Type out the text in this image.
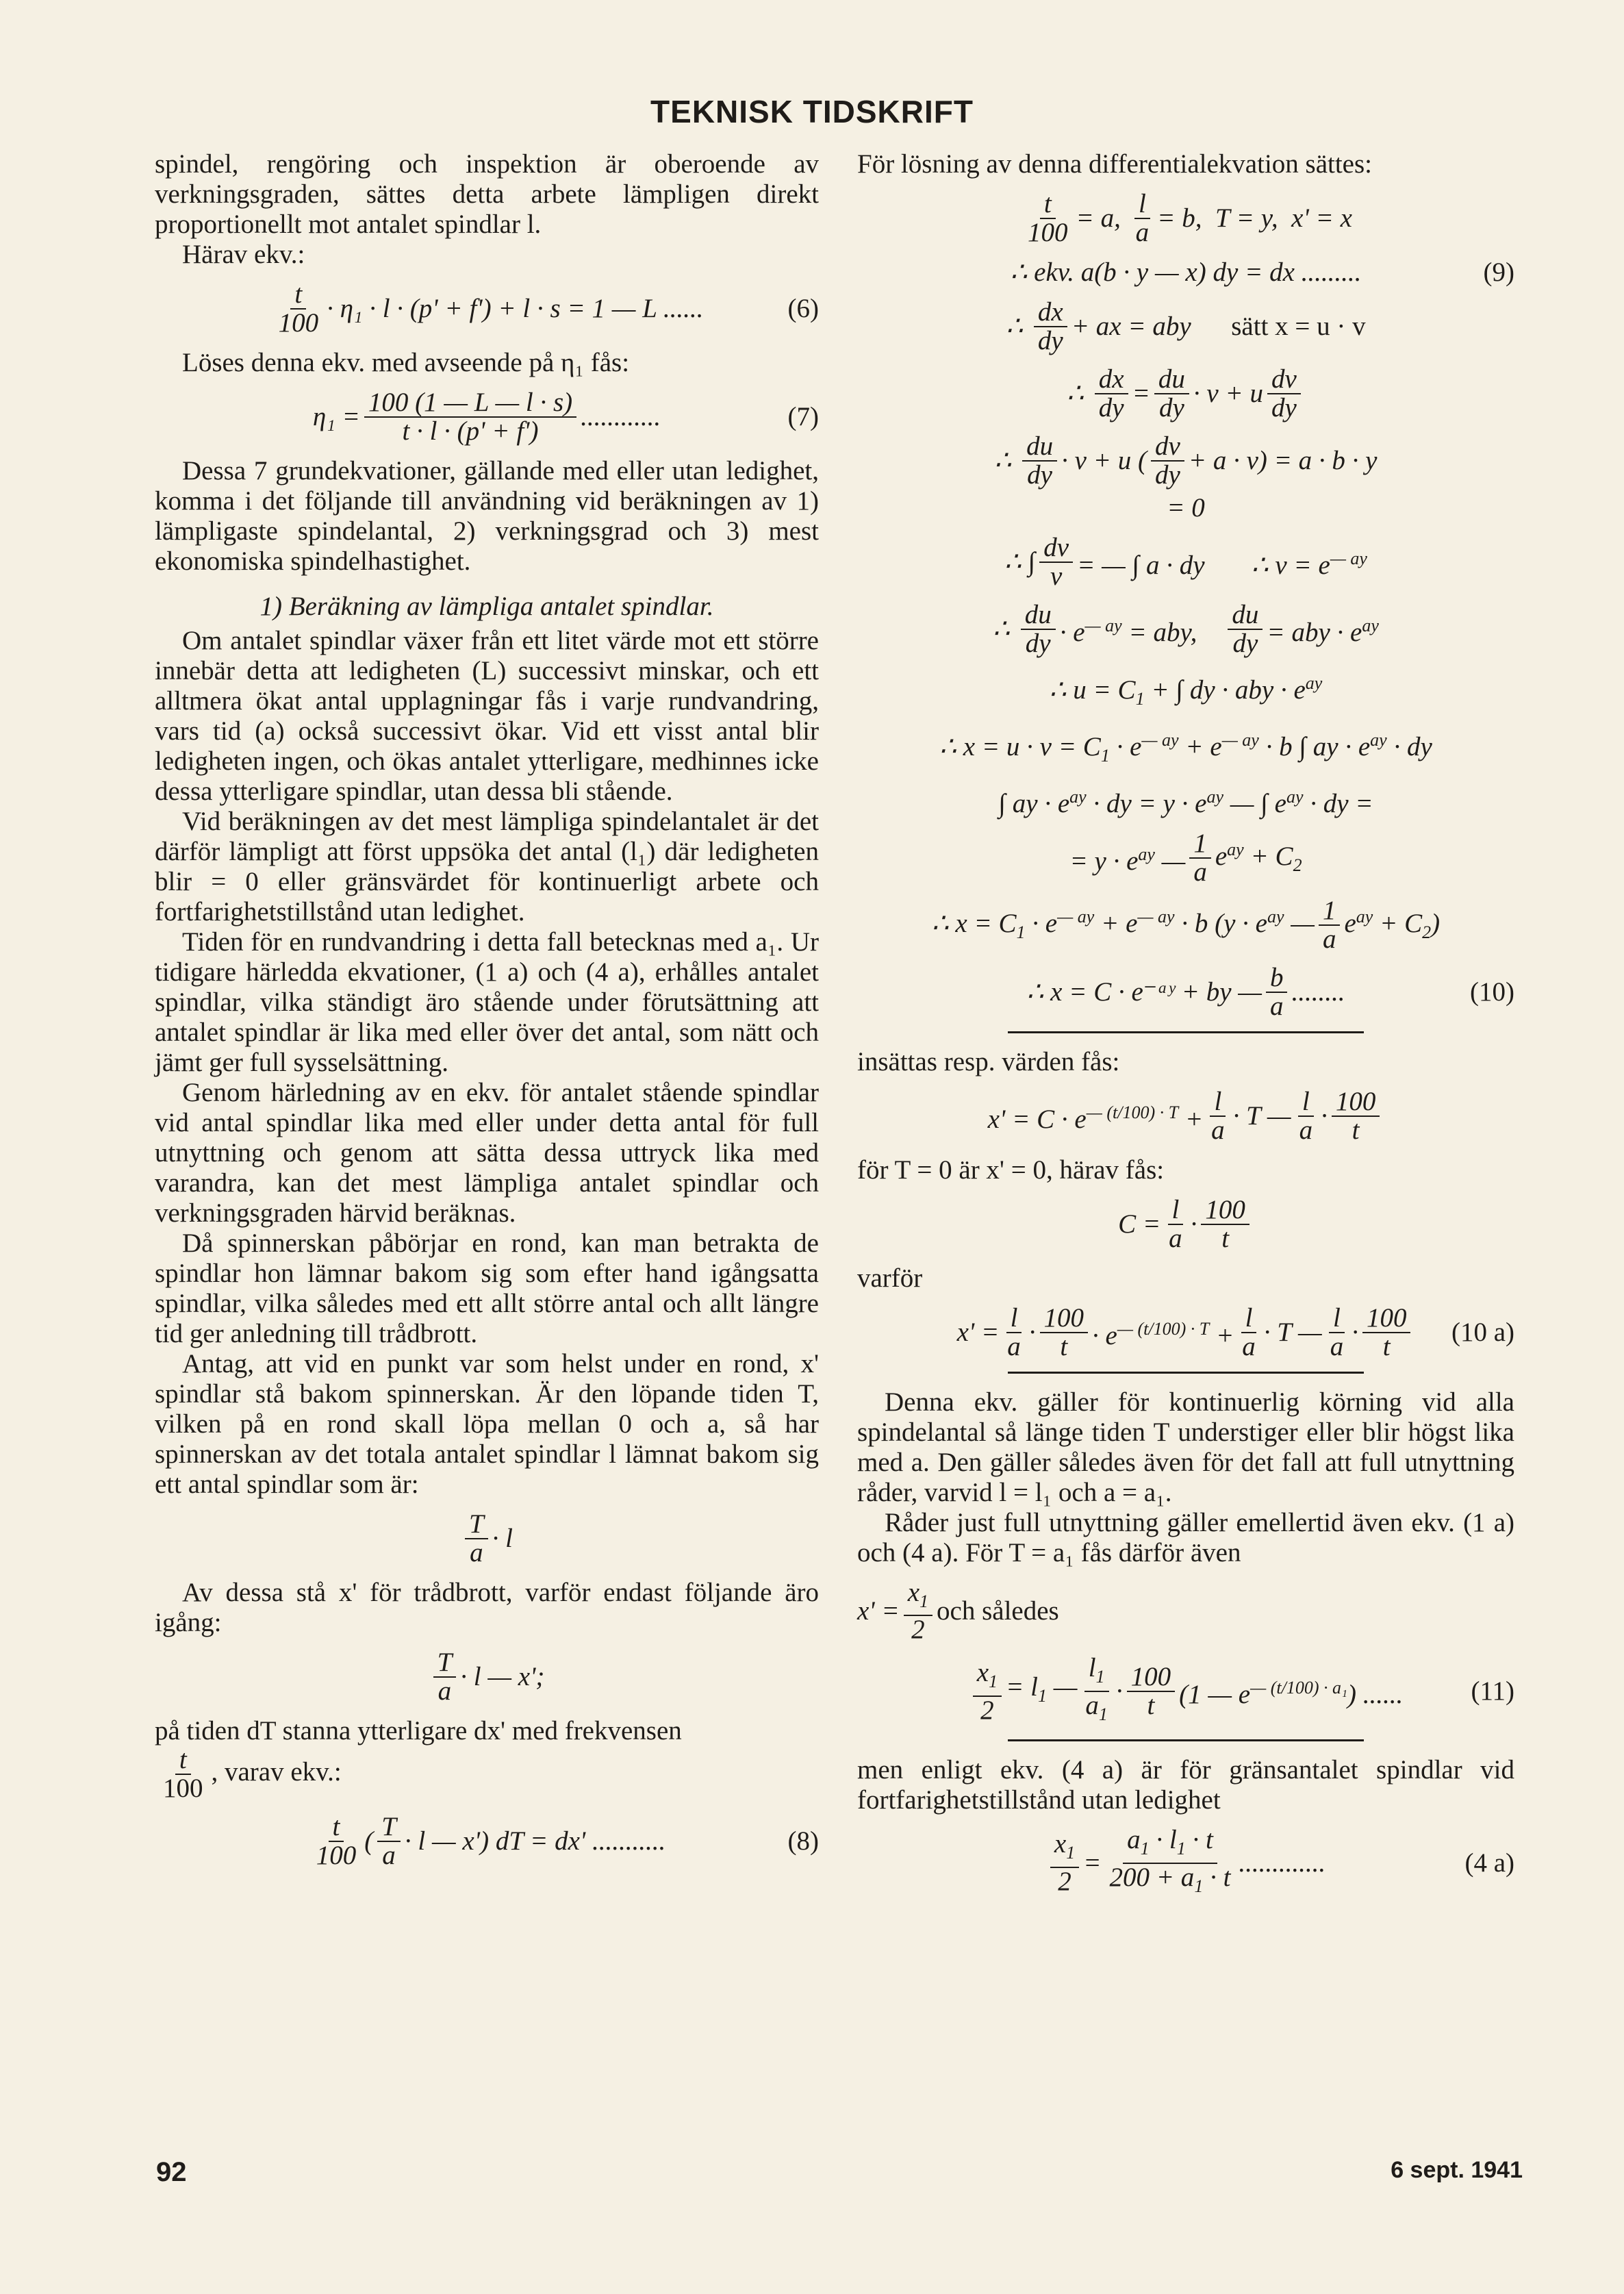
TEKNISK TIDSKRIFT

spindel, rengöring och inspektion är oberoende av verkningsgraden, sättes detta arbete lämpligen direkt proportionellt mot antalet spindlar l.

Härav ekv.:

$\frac{t}{100} \cdot \eta_1 \cdot l \cdot (p' + f') + l \cdot s = 1$ — L ......	(6)

Löses denna ekv. med avseende på η₁ fås:

$\eta_1 = \frac{100 (1 — L — l \cdot s)}{t \cdot l \cdot (p' + f')}$ ............	(7)

Dessa 7 grundekvationer, gällande med eller utan ledighet, komma i det följande till användning vid beräkningen av 1) lämpligaste spindelantal, 2) verkningsgrad och 3) mest ekonomiska spindelhastighet.

1) Beräkning av lämpliga antalet spindlar.

Om antalet spindlar växer från ett litet värde mot ett större innebär detta att ledigheten (L) successivt minskar, och ett alltmera ökat antal upplagningar fås i varje rundvandring, vars tid (a) också successivt ökar. Vid ett visst antal blir ledigheten ingen, och ökas antalet ytterligare, medhinnes icke dessa ytterligare spindlar, utan dessa bli stående.

Vid beräkningen av det mest lämpliga spindelantalet är det därför lämpligt att först uppsöka det antal (l₁) där ledigheten blir = 0 eller gränsvärdet för kontinuerligt arbete och fortfarighetstillstånd utan ledighet.

Tiden för en rundvandring i detta fall betecknas med a₁. Ur tidigare härledda ekvationer, (1 a) och (4 a), erhålles antalet spindlar, vilka ständigt äro stående under förutsättning att antalet spindlar är lika med eller över det antal, som nätt och jämt ger full sysselsättning.

Genom härledning av en ekv. för antalet stående spindlar vid antal spindlar lika med eller under detta antal för full utnyttning och genom att sätta dessa uttryck lika med varandra, kan det mest lämpliga antalet spindlar och verkningsgraden härvid beräknas.

Då spinnerskan påbörjar en rond, kan man betrakta de spindlar hon lämnar bakom sig som efter hand igångsatta spindlar, vilka således med ett allt större antal och allt längre tid ger anledning till trådbrott.

Antag, att vid en punkt var som helst under en rond, x' spindlar stå bakom spinnerskan. Är den löpande tiden T, vilken på en rond skall löpa mellan 0 och a, så har spinnerskan av det totala antalet spindlar l lämnat bakom sig ett antal spindlar som är:

$\frac{T}{a} \cdot l$

Av dessa stå x' för trådbrott, varför endast följande äro igång:

$\frac{T}{a} \cdot l$ — x';

på tiden dT stanna ytterligare dx' med frekvensen

$\frac{t}{100}$ , varav ekv.:

$\frac{t}{100}$ ( $\frac{T}{a} \cdot l$ — x') dT = dx' ...........	(8)

För lösning av denna differentialekvation sättes:

$\frac{t}{100} = a$, $\frac{l}{a} = b$,  T = y,  x' = x
∴ ekv. a(b · y — x) dy = dx .........	(9)
∴ $\frac{dx}{dy}$ + ax = aby sätt x = u · v
∴ $\frac{dx}{dy} = \frac{du}{dy} \cdot v + u \frac{dv}{dy}$
∴ $\frac{du}{dy} \cdot v + u$ ( $\frac{dv}{dy} + a \cdot v) = a \cdot b \cdot y$
= 0
∴ ∫ $\frac{dv}{v}$ = — ∫ a · dy       ∴ $v = e^{— ay}$
∴ $\frac{du}{dy} \cdot e^{— ay}$ = aby, $\frac{du}{dy}$ = aby · $e^{ay}$
∴ $u = C_1$ + ∫ dy · aby · $e^{ay}$
∴ $x = u \cdot v = C_1 \cdot e^{— ay} + e^{— ay} \cdot b$ ∫ ay · $e^{ay}$ · dy
∫ ay · $e^{ay}$ · dy = $y \cdot e^{ay}$ — ∫ $e^{ay}$ · dy =
= $y \cdot e^{ay}$ — $\frac{1}{a} e^{ay} + C_2$
∴ $x = C_1 \cdot e^{— ay} + e^{— ay} \cdot b$ ($y \cdot e^{ay}$ — $\frac{1}{a} e^{ay} + C_2$)
∴ x = C · e⁻ᵃʸ + by — $\frac{b}{a}$ ........	(10)

insättas resp. värden fås:

$x' = C \cdot e^{— (t/100) \cdot T} + \frac{l}{a} \cdot T$ — $\frac{l}{a} \cdot \frac{100}{t}$

för T = 0 är x' = 0, härav fås:

$C = \frac{l}{a} \cdot \frac{100}{t}$

varför

$x' = \frac{l}{a} \cdot \frac{100}{t} \cdot e^{— (t/100) \cdot T} + \frac{l}{a} \cdot T$ — $\frac{l}{a} \cdot \frac{100}{t} (10$ a)

Denna ekv. gäller för kontinuerlig körning vid alla spindelantal så länge tiden T understiger eller blir högst lika med a. Den gäller således även för det fall att full utnyttning råder, varvid l = l₁ och a = a₁.

Råder just full utnyttning gäller emellertid även ekv. (1 a) och (4 a). För T = a₁ fås därför även

$x' = \frac{x_1}{2}$ och således
$\frac{x_1}{2} = l_1$ — $\frac{l_1}{a_1} \cdot \frac{100}{t} (1$ — $e^{— (t/100) \cdot a_1}$) ......	(11)

men enligt ekv. (4 a) är för gränsantalet spindlar vid fortfarighetstillstånd utan ledighet

$\frac{x_1}{2} = \frac{a_1 \cdot l_1 \cdot t}{200 + a_1 \cdot t}$ .............	(4 a)
92	6 sept. 1941
